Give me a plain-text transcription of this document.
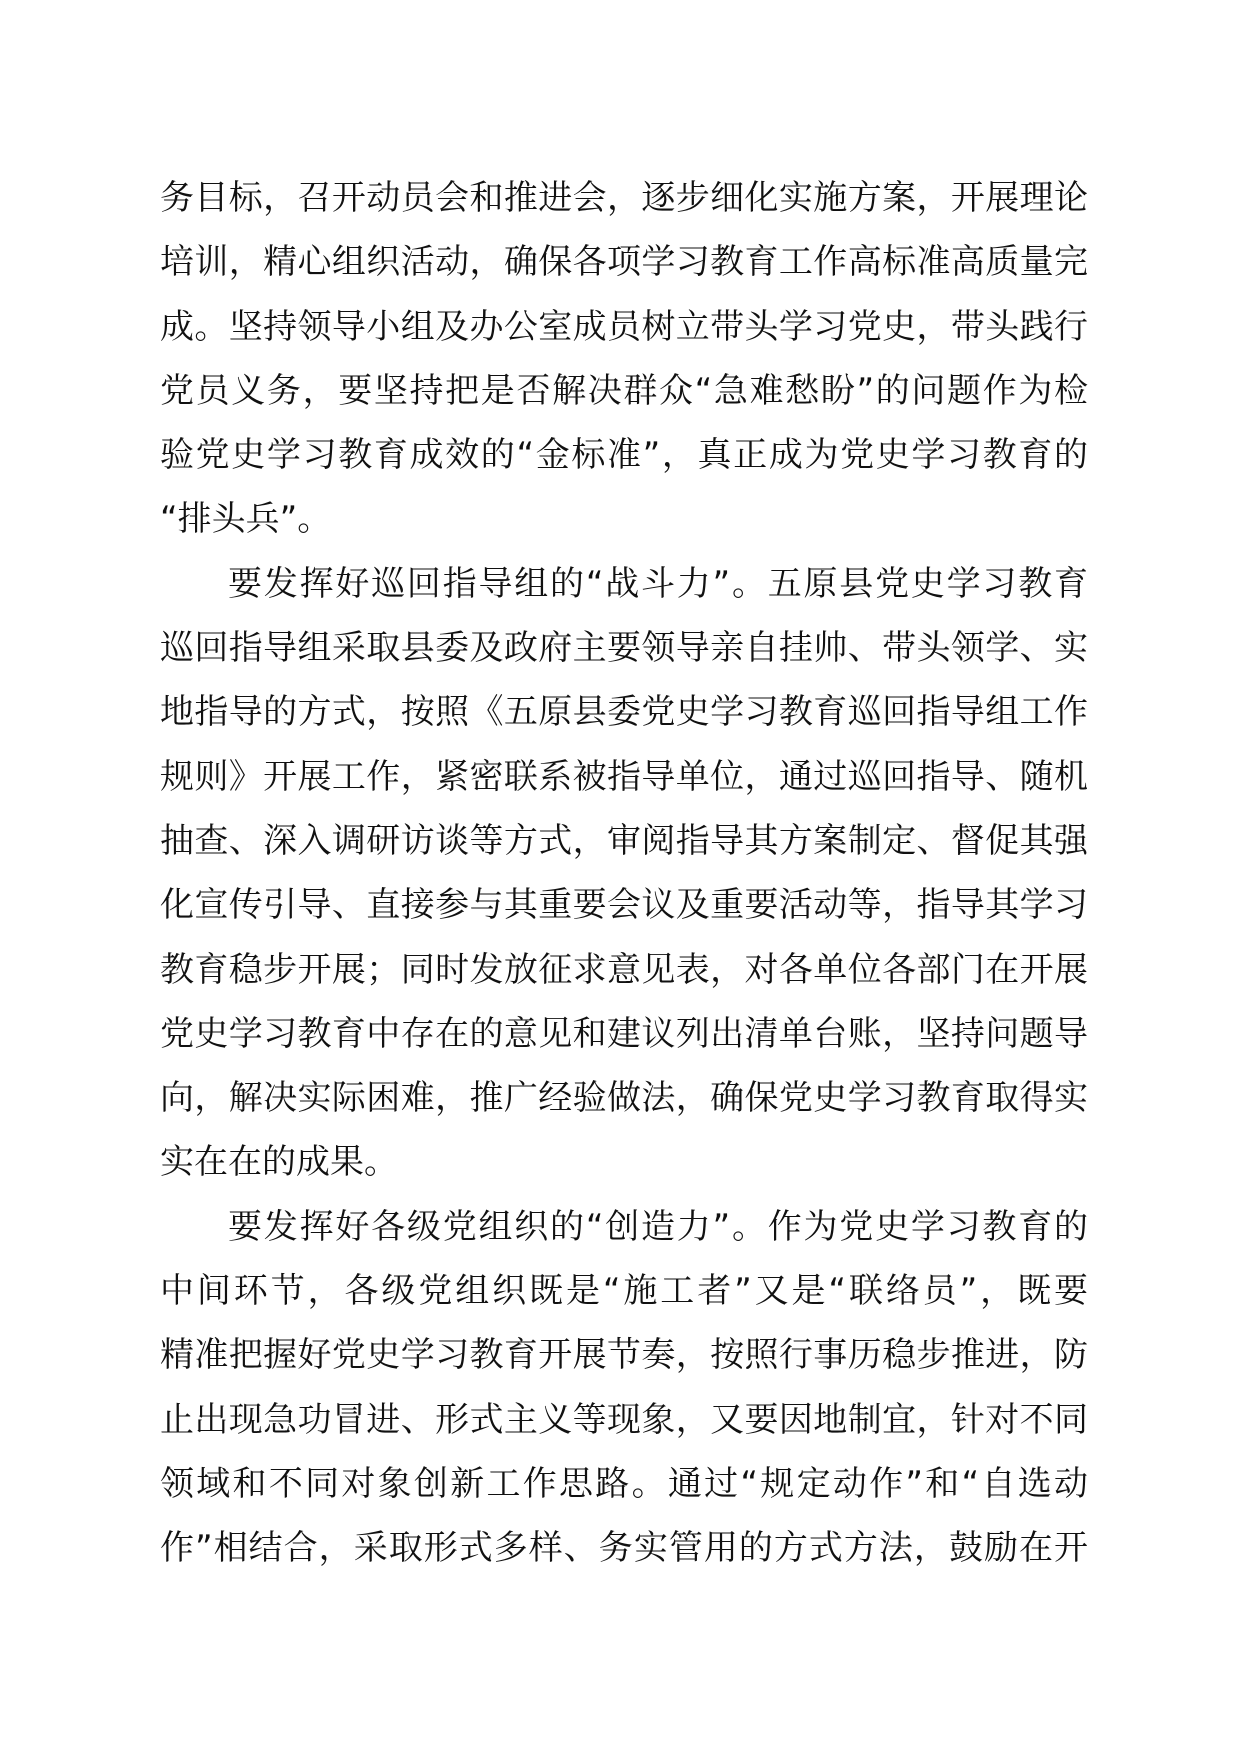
务目标，召开动员会和推进会，逐步细化实施方案，开展理论
培训，精心组织活动，确保各项学习教育工作高标准高质量完
成。坚持领导小组及办公室成员树立带头学习党史，带头践行
党员义务，要坚持把是否解决群众“急难愁盼”的问题作为检
验党史学习教育成效的“金标准”，真正成为党史学习教育的
“排头兵”。
要发挥好巡回指导组的“战斗力”。五原县党史学习教育
巡回指导组采取县委及政府主要领导亲自挂帅、带头领学、实
地指导的方式，按照《五原县委党史学习教育巡回指导组工作
规则》开展工作，紧密联系被指导单位，通过巡回指导、随机
抽查、深入调研访谈等方式，审阅指导其方案制定、督促其强
化宣传引导、直接参与其重要会议及重要活动等，指导其学习
教育稳步开展；同时发放征求意见表，对各单位各部门在开展
党史学习教育中存在的意见和建议列出清单台账，坚持问题导
向，解决实际困难，推广经验做法，确保党史学习教育取得实
实在在的成果。
要发挥好各级党组织的“创造力”。作为党史学习教育的
中间环节，各级党组织既是“施工者”又是“联络员”，既要
精准把握好党史学习教育开展节奏，按照行事历稳步推进，防
止出现急功冒进、形式主义等现象，又要因地制宜，针对不同
领域和不同对象创新工作思路。通过“规定动作”和“自选动
作”相结合，采取形式多样、务实管用的方式方法，鼓励在开
